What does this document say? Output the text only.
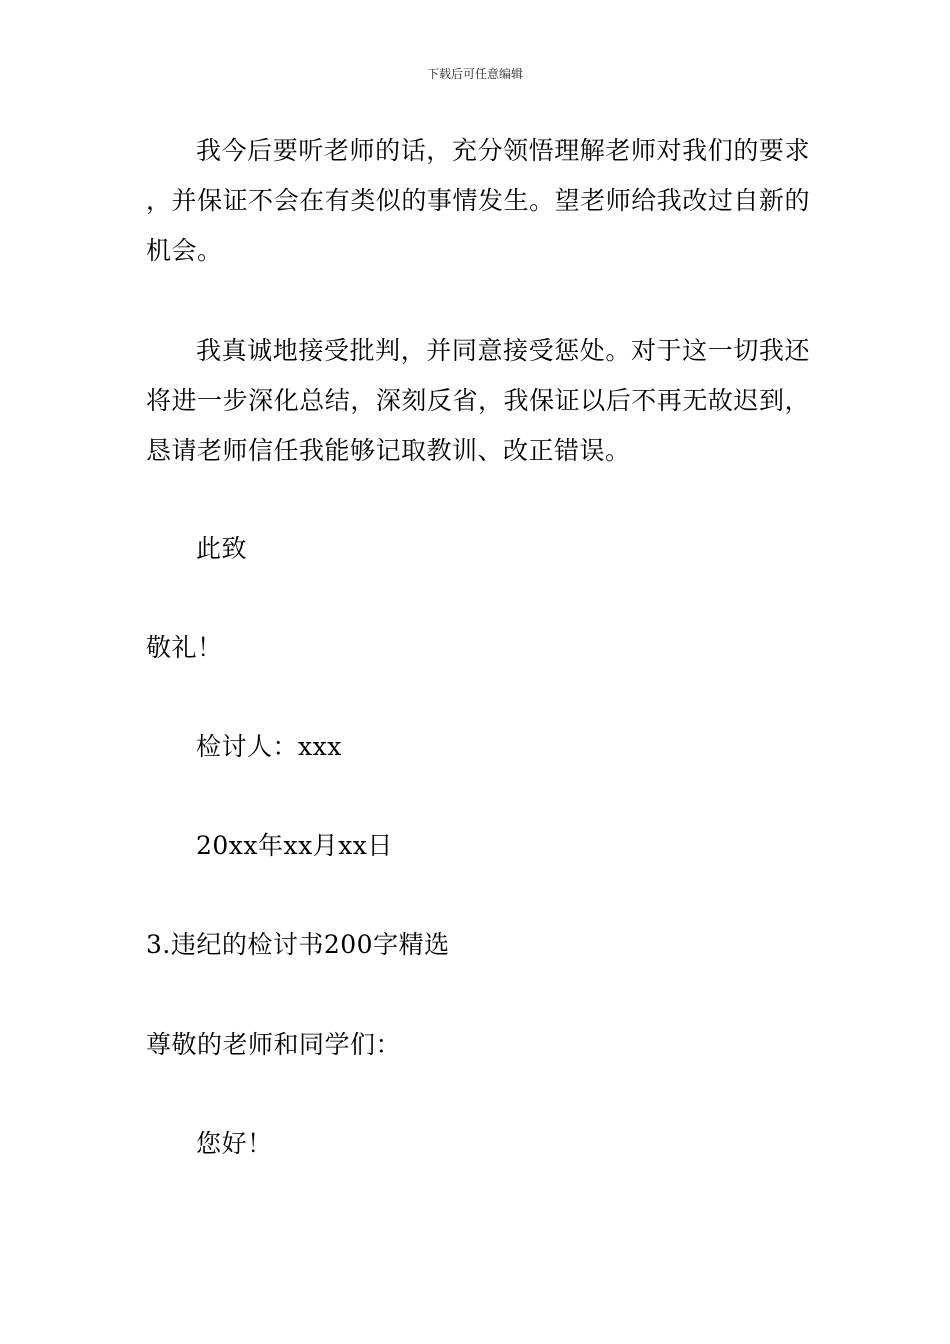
下载后可任意编辑

我今后要听老师的话，充分领悟理解老师对我们的要求，并保证不会在有类似的事情发生。望老师给我改过自新的机会。

我真诚地接受批判，并同意接受惩处。对于这一切我还将进一步深化总结，深刻反省，我保证以后不再无故迟到，恳请老师信任我能够记取教训、改正错误。

此致

敬礼！

检讨人：xxx

20xx年xx月xx日

3.违纪的检讨书200字精选

尊敬的老师和同学们：

您好！
